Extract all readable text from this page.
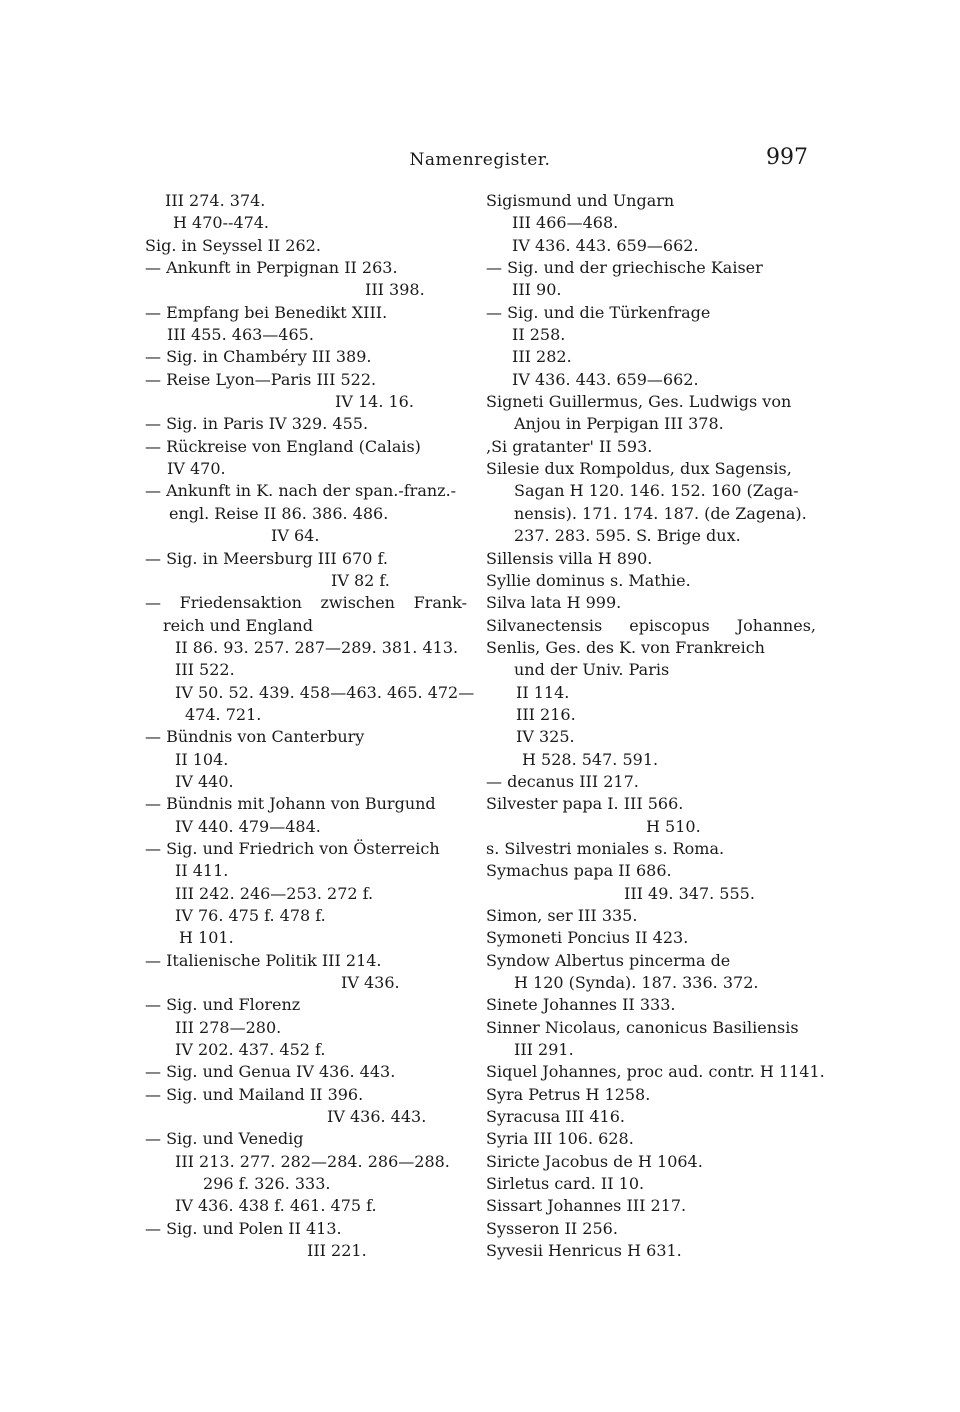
Namenregister.	997
III 274. 374.
H 470--474.
Sig. in Seyssel II 262.
— Ankunft in Perpignan II 263.
III 398.
— Empfang bei Benedikt XIII.
III 455. 463—465.
— Sig. in Chambéry III 389.
— Reise Lyon—Paris III 522.
IV 14. 16.
— Sig. in Paris IV 329. 455.
— Rückreise von England (Calais)
IV 470.
— Ankunft in K. nach der span.-franz.-
engl. Reise II 86. 386. 486.
IV 64.
— Sig. in Meersburg III 670 f.
IV 82 f.
— Friedensaktion zwischen Frank-
reich und England
II 86. 93. 257. 287—289. 381. 413.
III 522.
IV 50. 52. 439. 458—463. 465. 472—
474. 721.
— Bündnis von Canterbury
II 104.
IV 440.
— Bündnis mit Johann von Burgund
IV 440. 479—484.
— Sig. und Friedrich von Österreich
II 411.
III 242. 246—253. 272 f.
IV 76. 475 f. 478 f.
H 101.
— Italienische Politik III 214.
IV 436.
— Sig. und Florenz
III 278—280.
IV 202. 437. 452 f.
— Sig. und Genua IV 436. 443.
— Sig. und Mailand II 396.
IV 436. 443.
— Sig. und Venedig
III 213. 277. 282—284. 286—288.
296 f. 326. 333.
IV 436. 438 f. 461. 475 f.
— Sig. und Polen II 413.
III 221.
Sigismund und Ungarn
III 466—468.
IV 436. 443. 659—662.
— Sig. und der griechische Kaiser
III 90.
— Sig. und die Türkenfrage
II 258.
III 282.
IV 436. 443. 659—662.
Signeti Guillermus, Ges. Ludwigs von
Anjou in Perpigan III 378.
‚Si gratanter' II 593.
Silesie dux Rompoldus, dux Sagensis,
Sagan H 120. 146. 152. 160 (Zaga-
nensis). 171. 174. 187. (de Zagena).
237. 283. 595. S. Brige dux.
Sillensis villa H 890.
Syllie dominus s. Mathie.
Silva lata H 999.
Silvanectensis episcopus Johannes,
Senlis, Ges. des K. von Frankreich
und der Univ. Paris
II 114.
III 216.
IV 325.
H 528. 547. 591.
— decanus III 217.
Silvester papa I. III 566.
H 510.
s. Silvestri moniales s. Roma.
Symachus papa II 686.
III 49. 347. 555.
Simon, ser III 335.
Symoneti Poncius II 423.
Syndow Albertus pincerma de
H 120 (Synda). 187. 336. 372.
Sinete Johannes II 333.
Sinner Nicolaus, canonicus Basiliensis
III 291.
Siquel Johannes, proc aud. contr. H 1141.
Syra Petrus H 1258.
Syracusa III 416.
Syria III 106. 628.
Siricte Jacobus de H 1064.
Sirletus card. II 10.
Sissart Johannes III 217.
Sysseron II 256.
Syvesii Henricus H 631.
